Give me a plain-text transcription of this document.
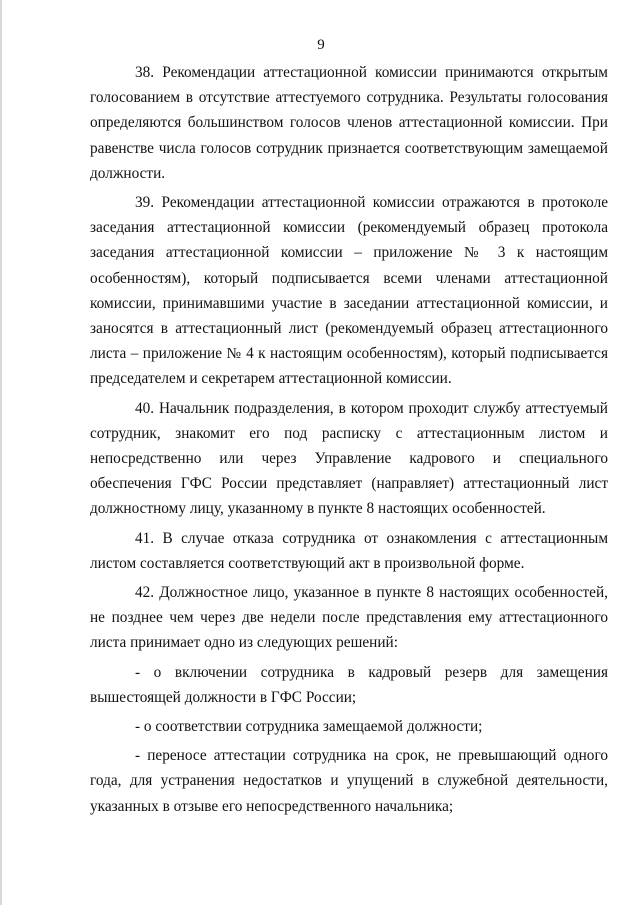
9

38. Рекомендации аттестационной комиссии принимаются открытым голосованием в отсутствие аттестуемого сотрудника. Результаты голосования определяются большинством голосов членов аттестационной комиссии. При равенстве числа голосов сотрудник признается соответствующим замещаемой должности.

39. Рекомендации аттестационной комиссии отражаются в протоколе заседания аттестационной комиссии (рекомендуемый образец протокола заседания аттестационной комиссии – приложение № 3 к настоящим особенностям), который подписывается всеми членами аттестационной комиссии, принимавшими участие в заседании аттестационной комиссии, и заносятся в аттестационный лист (рекомендуемый образец аттестационного листа – приложение № 4 к настоящим особенностям), который подписывается председателем и секретарем аттестационной комиссии.

40. Начальник подразделения, в котором проходит службу аттестуемый сотрудник, знакомит его под расписку с аттестационным листом и непосредственно или через Управление кадрового и специального обеспечения ГФС России представляет (направляет) аттестационный лист должностному лицу, указанному в пункте 8 настоящих особенностей.

41. В случае отказа сотрудника от ознакомления с аттестационным листом составляется соответствующий акт в произвольной форме.

42. Должностное лицо, указанное в пункте 8 настоящих особенностей, не позднее чем через две недели после представления ему аттестационного листа принимает одно из следующих решений:

- о включении сотрудника в кадровый резерв для замещения вышестоящей должности в ГФС России;

- о соответствии сотрудника замещаемой должности;

- переносе аттестации сотрудника на срок, не превышающий одного года, для устранения недостатков и упущений в служебной деятельности, указанных в отзыве его непосредственного начальника;
